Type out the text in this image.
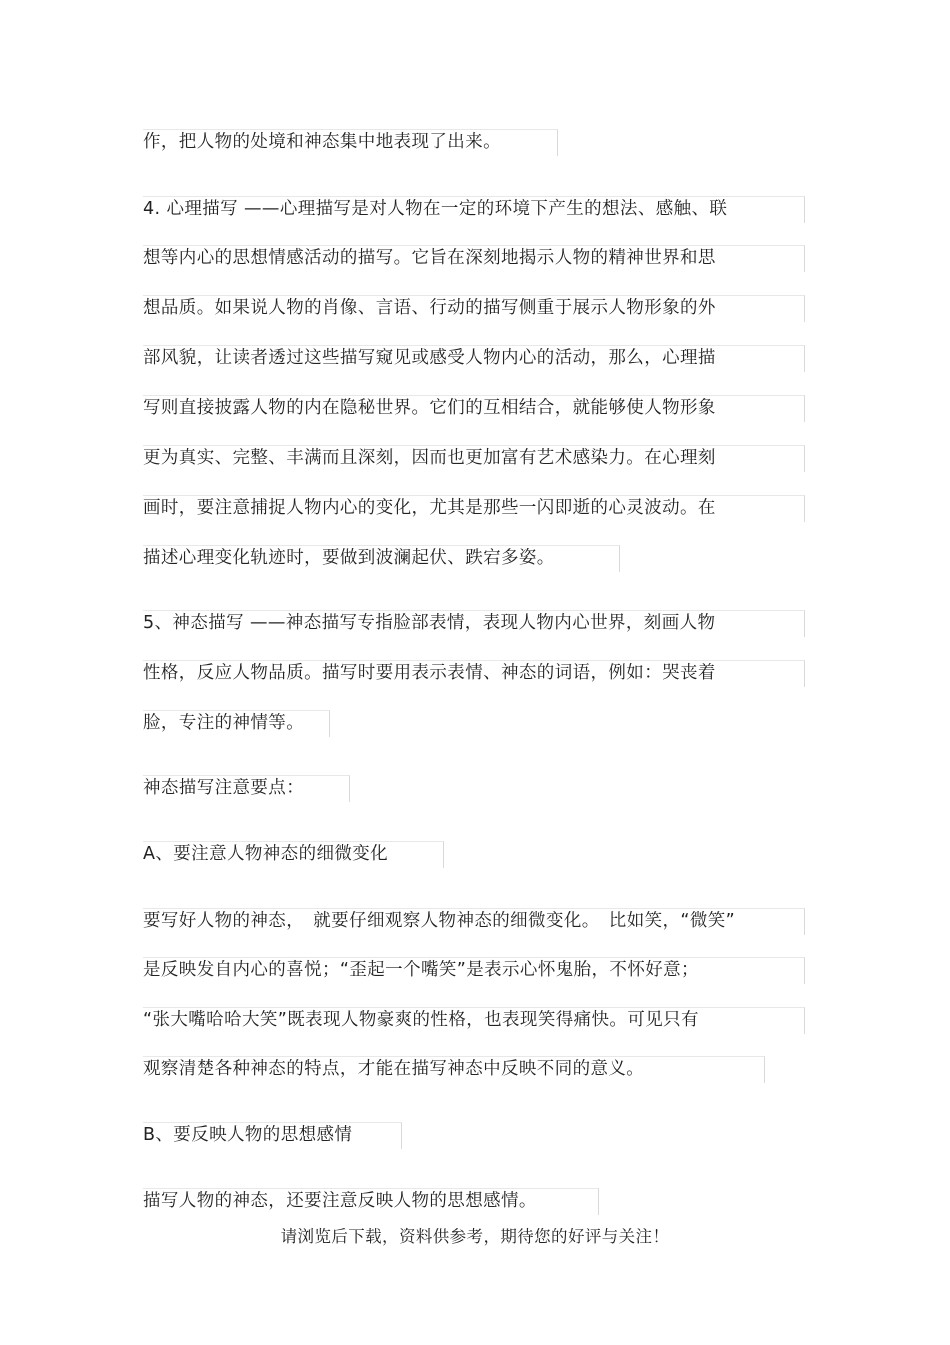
作，把人物的处境和神态集中地表现了出来。
4. 心理描写 ——心理描写是对人物在一定的环境下产生的想法、感触、联
想等内心的思想情感活动的描写。它旨在深刻地揭示人物的精神世界和思
想品质。如果说人物的肖像、言语、行动的描写侧重于展示人物形象的外
部风貌，让读者透过这些描写窥见或感受人物内心的活动，那么，心理描
写则直接披露人物的内在隐秘世界。它们的互相结合，就能够使人物形象
更为真实、完整、丰满而且深刻，因而也更加富有艺术感染力。在心理刻
画时，要注意捕捉人物内心的变化，尤其是那些一闪即逝的心灵波动。在
描述心理变化轨迹时，要做到波澜起伏、跌宕多姿。
5、神态描写 ——神态描写专指脸部表情，表现人物内心世界，刻画人物
性格，反应人物品质。描写时要用表示表情、神态的词语，例如：哭丧着
脸，专注的神情等。
神态描写注意要点：
A、要注意人物神态的细微变化
要写好人物的神态，　就要仔细观察人物神态的细微变化。　比如笑，“微笑”
是反映发自内心的喜悦；“歪起一个嘴笑”是表示心怀鬼胎，不怀好意；
“张大嘴哈哈大笑”既表现人物豪爽的性格，也表现笑得痛快。可见只有
观察清楚各种神态的特点，才能在描写神态中反映不同的意义。
B、要反映人物的思想感情
描写人物的神态，还要注意反映人物的思想感情。
请浏览后下载，资料供参考，期待您的好评与关注！
